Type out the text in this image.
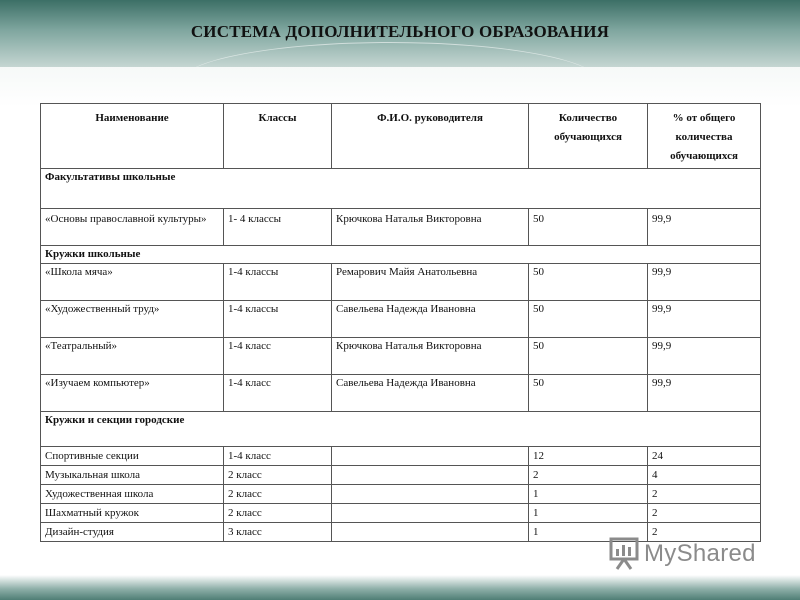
СИСТЕМА ДОПОЛНИТЕЛЬНОГО ОБРАЗОВАНИЯ
Наименование	Классы	Ф.И.О. руководителя	Количество обучающихся	% от общего количества обучающихся
Факультативы школьные				
«Основы православной культуры»	1- 4 классы	Крючкова Наталья Викторовна	50	99,9
Кружки школьные				
«Школа мяча»	1-4 классы	Ремарович Майя Анатольевна	50	99,9
«Художественный труд»	1-4 классы	Савельева Надежда Ивановна	50	99,9
«Театральный»	1-4 класс	Крючкова Наталья Викторовна	50	99,9
«Изучаем компьютер»	1-4 класс	Савельева Надежда Ивановна	50	99,9
Кружки и секции городские				
Спортивные секции	1-4 класс		12	24
Музыкальная школа	2 класс		2	4
Художественная школа	2 класс		1	2
Шахматный кружок	2 класс		1	2
Дизайн-студия	3 класс		1	2
MyShared
